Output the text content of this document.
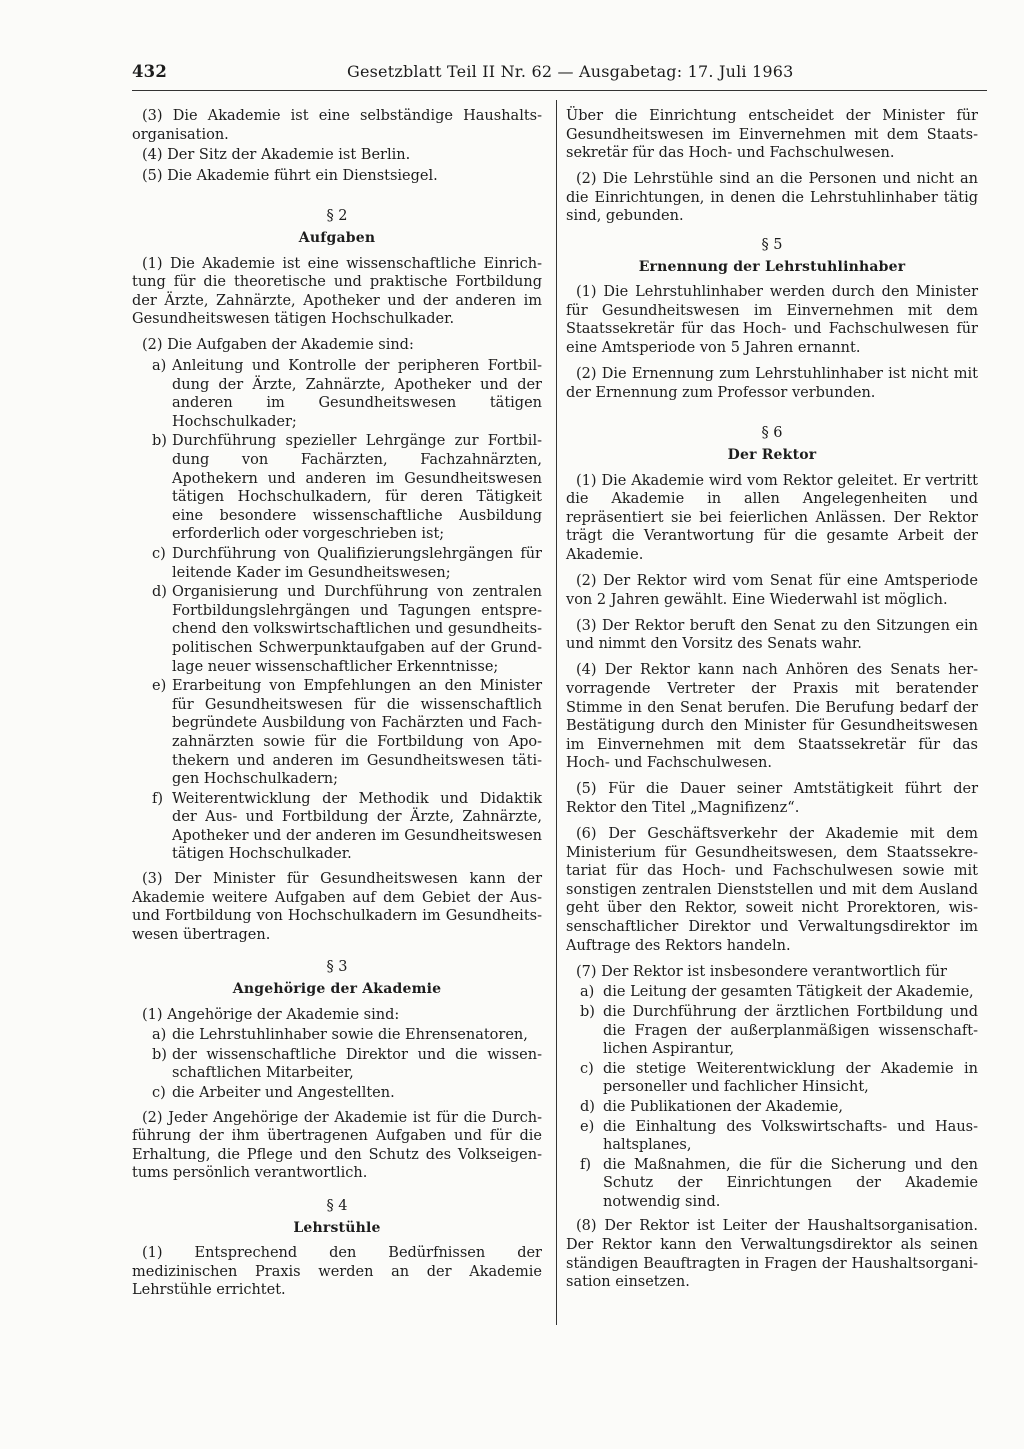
432	Gesetzblatt Teil II Nr. 62 — Ausgabetag: 17. Juli 1963

(3) Die Akademie ist eine selbständige Haushaltsorganisation.

(4) Der Sitz der Akademie ist Berlin.

(5) Die Akademie führt ein Dienstsiegel.

§ 2
Aufgaben

(1) Die Akademie ist eine wissenschaftliche Einrichtung für die theoretische und praktische Fortbildung der Ärzte, Zahnärzte, Apotheker und der anderen im Gesundheitswesen tätigen Hochschulkader.

(2) Die Aufgaben der Akademie sind:

a) Anleitung und Kontrolle der peripheren Fortbildung der Ärzte, Zahnärzte, Apotheker und der anderen im Gesundheitswesen tätigen Hochschulkader;
b) Durchführung spezieller Lehrgänge zur Fortbildung von Fachärzten, Fachzahnärzten, Apothekern und anderen im Gesundheitswesen tätigen Hochschulkadern, für deren Tätigkeit eine besondere wissenschaftliche Ausbildung erforderlich oder vorgeschrieben ist;
c) Durchführung von Qualifizierungslehrgängen für leitende Kader im Gesundheitswesen;
d) Organisierung und Durchführung von zentralen Fortbildungslehrgängen und Tagungen entsprechend den volkswirtschaftlichen und gesundheitspolitischen Schwerpunktaufgaben auf der Grundlage neuer wissenschaftlicher Erkenntnisse;
e) Erarbeitung von Empfehlungen an den Minister für Gesundheitswesen für die wissenschaftlich begründete Ausbildung von Fachärzten und Fachzahnärzten sowie für die Fortbildung von Apothekern und anderen im Gesundheitswesen tätigen Hochschulkadern;
f) Weiterentwicklung der Methodik und Didaktik der Aus- und Fortbildung der Ärzte, Zahnärzte, Apotheker und der anderen im Gesundheitswesen tätigen Hochschulkader.

(3) Der Minister für Gesundheitswesen kann der Akademie weitere Aufgaben auf dem Gebiet der Aus- und Fortbildung von Hochschulkadern im Gesundheitswesen übertragen.

§ 3
Angehörige der Akademie

(1) Angehörige der Akademie sind:

a) die Lehrstuhlinhaber sowie die Ehrensenatoren,
b) der wissenschaftliche Direktor und die wissenschaftlichen Mitarbeiter,
c) die Arbeiter und Angestellten.

(2) Jeder Angehörige der Akademie ist für die Durchführung der ihm übertragenen Aufgaben und für die Erhaltung, die Pflege und den Schutz des Volkseigentums persönlich verantwortlich.

§ 4
Lehrstühle

(1) Entsprechend den Bedürfnissen der medizinischen Praxis werden an der Akademie Lehrstühle errichtet.

Über die Einrichtung entscheidet der Minister für Gesundheitswesen im Einvernehmen mit dem Staatssekretär für das Hoch- und Fachschulwesen.

(2) Die Lehrstühle sind an die Personen und nicht an die Einrichtungen, in denen die Lehrstuhlinhaber tätig sind, gebunden.

§ 5
Ernennung der Lehrstuhlinhaber

(1) Die Lehrstuhlinhaber werden durch den Minister für Gesundheitswesen im Einvernehmen mit dem Staatssekretär für das Hoch- und Fachschulwesen für eine Amtsperiode von 5 Jahren ernannt.

(2) Die Ernennung zum Lehrstuhlinhaber ist nicht mit der Ernennung zum Professor verbunden.

§ 6
Der Rektor

(1) Die Akademie wird vom Rektor geleitet. Er vertritt die Akademie in allen Angelegenheiten und repräsentiert sie bei feierlichen Anlässen. Der Rektor trägt die Verantwortung für die gesamte Arbeit der Akademie.

(2) Der Rektor wird vom Senat für eine Amtsperiode von 2 Jahren gewählt. Eine Wiederwahl ist möglich.

(3) Der Rektor beruft den Senat zu den Sitzungen ein und nimmt den Vorsitz des Senats wahr.

(4) Der Rektor kann nach Anhören des Senats hervorragende Vertreter der Praxis mit beratender Stimme in den Senat berufen. Die Berufung bedarf der Bestätigung durch den Minister für Gesundheitswesen im Einvernehmen mit dem Staatssekretär für das Hoch- und Fachschulwesen.

(5) Für die Dauer seiner Amtstätigkeit führt der Rektor den Titel „Magnifizenz“.

(6) Der Geschäftsverkehr der Akademie mit dem Ministerium für Gesundheitswesen, dem Staatssekretariat für das Hoch- und Fachschulwesen sowie mit sonstigen zentralen Dienststellen und mit dem Ausland geht über den Rektor, soweit nicht Prorektoren, wissenschaftlicher Direktor und Verwaltungsdirektor im Auftrage des Rektors handeln.

(7) Der Rektor ist insbesondere verantwortlich für

a) die Leitung der gesamten Tätigkeit der Akademie,
b) die Durchführung der ärztlichen Fortbildung und die Fragen der außerplanmäßigen wissenschaftlichen Aspirantur,
c) die stetige Weiterentwicklung der Akademie in personeller und fachlicher Hinsicht,
d) die Publikationen der Akademie,
e) die Einhaltung des Volkswirtschafts- und Haushaltsplanes,
f) die Maßnahmen, die für die Sicherung und den Schutz der Einrichtungen der Akademie notwendig sind.

(8) Der Rektor ist Leiter der Haushaltsorganisation. Der Rektor kann den Verwaltungsdirektor als seinen ständigen Beauftragten in Fragen der Haushaltsorganisation einsetzen.
